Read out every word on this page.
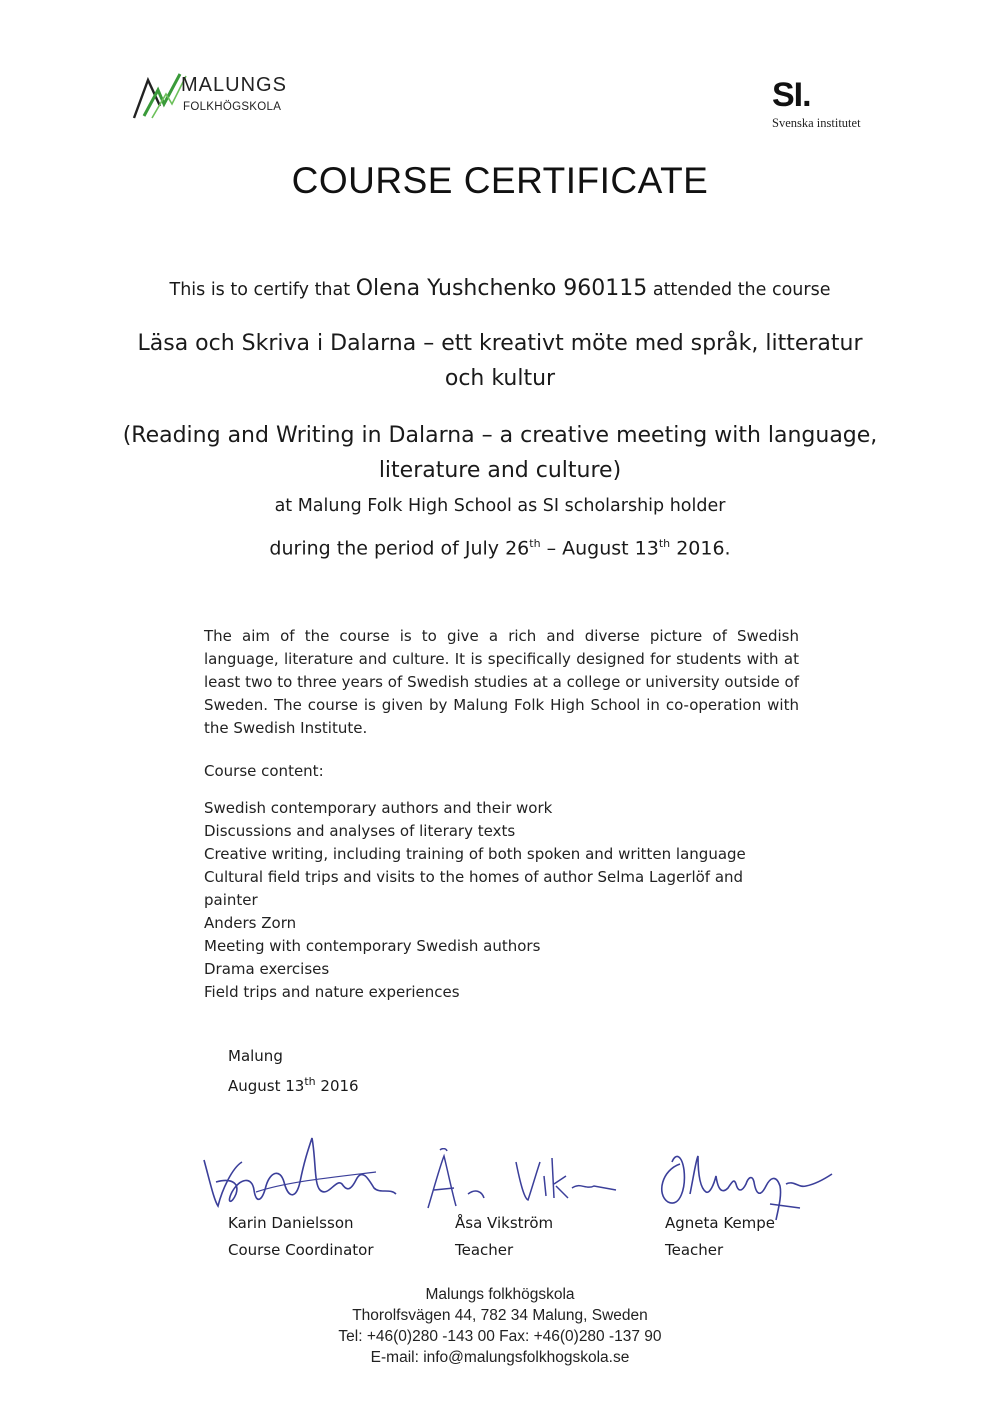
MALUNGS
FOLKHÖGSKOLA	SI.
Svenska institutet
COURSE CERTIFICATE
This is to certify that Olena Yushchenko 960115 attended the course
Läsa och Skriva i Dalarna – ett kreativt möte med språk, litteratur
och kultur
(Reading and Writing in Dalarna – a creative meeting with language,
literature and culture)
at Malung Folk High School as SI scholarship holder
during the period of July 26th – August 13th 2016.
The aim of the course is to give a rich and diverse picture of Swedish language, literature and culture. It is specifically designed for students with at least two to three years of Swedish studies at a college or university outside of Sweden. The course is given by Malung Folk High School in co-operation with the Swedish Institute.
Course content:
Swedish contemporary authors and their work
Discussions and analyses of literary texts
Creative writing, including training of both spoken and written language
Cultural field trips and visits to the homes of author Selma Lagerlöf and painter
Anders Zorn
Meeting with contemporary Swedish authors
Drama exercises
Field trips and nature experiences
Malung
August 13th 2016
Karin Danielsson
Course Coordinator
Åsa Vikström
Teacher
Agneta Kempe
Teacher
Malungs folkhögskola
Thorolfsvägen 44, 782 34 Malung, Sweden
Tel: +46(0)280 -143 00 Fax: +46(0)280 -137 90
E-mail: info@malungsfolkhogskola.se
